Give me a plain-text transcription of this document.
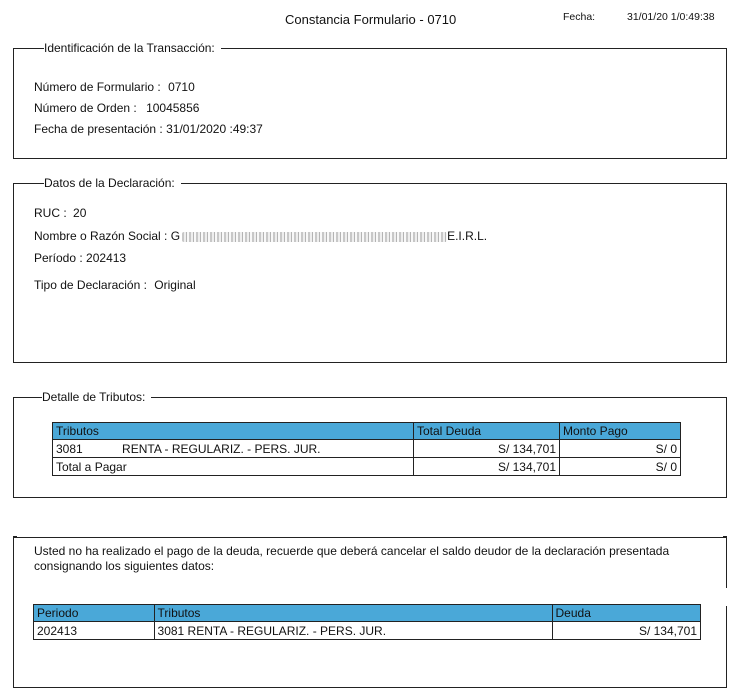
Constancia Formulario - 0710	Fecha:	31/01/20 1/0:49:38
Identificación de la Transacción:
Número de Formulario : 0710
Número de Orden : 10045856
Fecha de presentación : 31/01/2020 :49:37
Datos de la Declaración:
RUC : 20
Nombre o Razón Social : G	E.I.R.L.
Período : 202413
Tipo de Declaración : Original
Detalle de Tributos:
Tributos	Total Deuda	Monto Pago
3081 RENTA - REGULARIZ. - PERS. JUR.	S/ 134,701	S/ 0
Total a Pagar	S/ 134,701	S/ 0
Usted no ha realizado el pago de la deuda, recuerde que deberá cancelar el saldo deudor de la declaración presentada consignando los siguientes datos:
Periodo	Tributos	Deuda
202413	3081 RENTA - REGULARIZ. - PERS. JUR.	S/ 134,701
